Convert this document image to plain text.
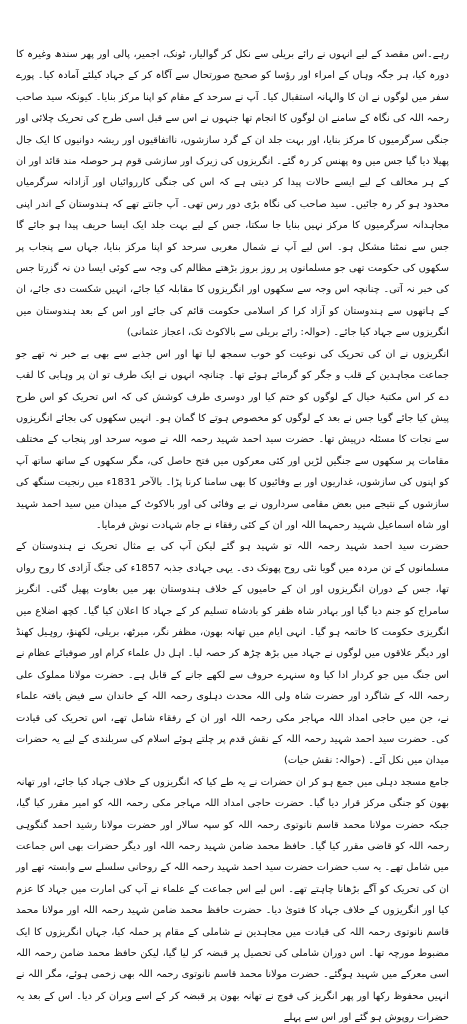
رہے۔اس مقصد کے لیے انہوں نے رائے بریلی سے نکل کر گوالیار، ٹونک، اجمیر، پالی اور پھر سندھ وغیرہ کا دورہ کیا، ہر جگہ وہاں کے امراء اور رؤسا کو صحیح صورتحال سے آگاہ کر کے جہاد کیلئے آمادہ کیا۔ پورے سفر میں لوگوں نے ان کا والہانہ استقبال کیا۔ آپ نے سرحد کے مقام کو اپنا مرکز بنایا۔ کیونکہ سید صاحب رحمہ اللہ کی نگاہ کے سامنے ان لوگوں کا انجام تھا جنہوں نے اس سے قبل اسی طرح کی تحریک چلائی اور جنگی سرگرمیوں کا مرکز بنایا، اور بہت جلد ان کے گرد سازشوں، نااتفاقیوں اور ریشہ دوانیوں کا ایک جال پھیلا دیا گیا جس میں وہ پھنس کر رہ گئے۔ انگریزوں کی زیرک اور سازشی قوم ہر حوصلہ مند قائد اور ان کے ہر مخالف کے لیے ایسے حالات پیدا کر دیتی ہے کہ اس کی جنگی کارروائیاں اور آزادانہ سرگرمیاں محدود ہو کر رہ جائیں۔ سید صاحب کی نگاہ بڑی دور رس تھی۔ آپ جانتے تھے کہ ہندوستان کے اندر اپنی مجاہدانہ سرگرمیوں کا مرکز نہیں بنایا جا سکتا، جس کے لیے بہت جلد ایک ایسا حریف پیدا ہو جائے گا جس سے نمٹنا مشکل ہو۔ اس لیے آپ نے شمال مغربی سرحد کو اپنا مرکز بنایا، جہاں سے پنجاب پر سکھوں کی حکومت تھی جو مسلمانوں پر روز بروز بڑھتے مظالم کی وجہ سے کوئی ایسا دن نہ گزرتا جس کی خبر نہ آتی۔ چنانچہ اس وجہ سے سکھوں اور انگریزوں کا مقابلہ کیا جائے، انہیں شکست دی جائے، ان کے ہاتھوں سے ہندوستان کو آزاد کرا کر اسلامی حکومت قائم کی جائے اور اس کے بعد ہندوستان میں انگریزوں سے جہاد کیا جائے۔ (حوالہ: رائے بریلی سے بالاکوٹ تک، اعجاز عثمانی)

انگریزوں نے ان کی تحریک کی نوعیت کو خوب سمجھ لیا تھا اور اس جذبے سے بھی بے خبر نہ تھے جو جماعت مجاہدین کے قلب و جگر کو گرمائے ہوئے تھا۔ چنانچہ انہوں نے ایک طرف تو ان پر وہابی کا لقب دے کر اس مکتبۂ خیال کے لوگوں کو ختم کیا اور دوسری طرف کوشش کی کہ اس تحریک کو اس طرح پیش کیا جائے گویا جس نے بعد کے لوگوں کو مخصوص ہوتے کا گمان ہو۔ انہیں سکھوں کی بجائے انگریزوں سے نجات کا مسئلہ درپیش تھا۔ حضرت سید احمد شہید رحمہ اللہ نے صوبہ سرحد اور پنجاب کے مختلف مقامات پر سکھوں سے جنگیں لڑیں اور کئی معرکوں میں فتح حاصل کی، مگر سکھوں کے ساتھ ساتھ آپ کو اپنوں کی سازشوں، غداریوں اور بے وفائیوں کا بھی سامنا کرنا پڑا۔ بالآخر 1831ء میں رنجیت سنگھ کی سازشوں کے نتیجے میں بعض مقامی سرداروں نے بے وفائی کی اور بالاکوٹ کے میدان میں سید احمد شہید اور شاہ اسماعیل شہید رحمہما اللہ اور ان کے کئی رفقاء نے جام شہادت نوش فرمایا۔

حضرت سید احمد شہید رحمہ اللہ تو شہید ہو گئے لیکن آپ کی بے مثال تحریک نے ہندوستان کے مسلمانوں کے تن مردہ میں گویا نئی روح پھونک دی۔ یہی جہادی جذبہ 1857ء کی جنگ آزادی کا روح رواں تھا، جس کے دوران انگریزوں اور ان کے حامیوں کے خلاف ہندوستان بھر میں بغاوت پھیل گئی۔ انگریز سامراج کو جنم دیا گیا اور بہادر شاہ ظفر کو بادشاہ تسلیم کر کے جہاد کا اعلان کیا گیا۔ کچھ اضلاع میں انگریزی حکومت کا خاتمہ ہو گیا۔ انہی ایام میں تھانہ بھون، مظفر نگر، میرٹھ، بریلی، لکھنؤ، روہیل کھنڈ اور دیگر علاقوں میں لوگوں نے جہاد میں بڑھ چڑھ کر حصہ لیا۔ اہل دل علماء کرام اور صوفیائے عظام نے اس جنگ میں جو کردار ادا کیا وہ سنہرے حروف سے لکھے جانے کے قابل ہے۔ حضرت مولانا مملوک علی رحمہ اللہ کے شاگرد اور حضرت شاہ ولی اللہ محدث دہلوی رحمہ اللہ کے خاندان سے فیض یافتہ علماء نے، جن میں حاجی امداد اللہ مہاجر مکی رحمہ اللہ اور ان کے رفقاء شامل تھے، اس تحریک کی قیادت کی۔ حضرت سید احمد شہید رحمہ اللہ کے نقش قدم پر چلتے ہوئے اسلام کی سربلندی کے لیے یہ حضرات میدان میں نکل آئے۔ (حوالہ: نقش حیات)

جامع مسجد دہلی میں جمع ہو کر ان حضرات نے یہ طے کیا کہ انگریزوں کے خلاف جہاد کیا جائے، اور تھانہ بھون کو جنگی مرکز قرار دیا گیا۔ حضرت حاجی امداد اللہ مہاجر مکی رحمہ اللہ کو امیر مقرر کیا گیا، جبکہ حضرت مولانا محمد قاسم نانوتوی رحمہ اللہ کو سپہ سالار اور حضرت مولانا رشید احمد گنگوہی رحمہ اللہ کو قاضی مقرر کیا گیا۔ حافظ محمد ضامن شہید رحمہ اللہ اور دیگر حضرات بھی اس جماعت میں شامل تھے۔ یہ سب حضرات حضرت سید احمد شہید رحمہ اللہ کے روحانی سلسلے سے وابستہ تھے اور ان کی تحریک کو آگے بڑھانا چاہتے تھے۔ اس لیے اس جماعت کے علماء نے آپ کی امارت میں جہاد کا عزم کیا اور انگریزوں کے خلاف جہاد کا فتویٰ دیا۔ حضرت حافظ محمد ضامن شہید رحمہ اللہ اور مولانا محمد قاسم نانوتوی رحمہ اللہ کی قیادت میں مجاہدین نے شاملی کے مقام پر حملہ کیا، جہاں انگریزوں کا ایک مضبوط مورچہ تھا۔ اس دوران شاملی کی تحصیل پر قبضہ کر لیا گیا، لیکن حافظ محمد ضامن رحمہ اللہ اسی معرکے میں شہید ہوگئے۔ حضرت مولانا محمد قاسم نانوتوی رحمہ اللہ بھی زخمی ہوئے، مگر اللہ نے انہیں محفوظ رکھا اور پھر انگریز کی فوج نے تھانہ بھون پر قبضہ کر کے اسے ویران کر دیا۔ اس کے بعد یہ حضرات روپوش ہو گئے اور اس سے پہلے
